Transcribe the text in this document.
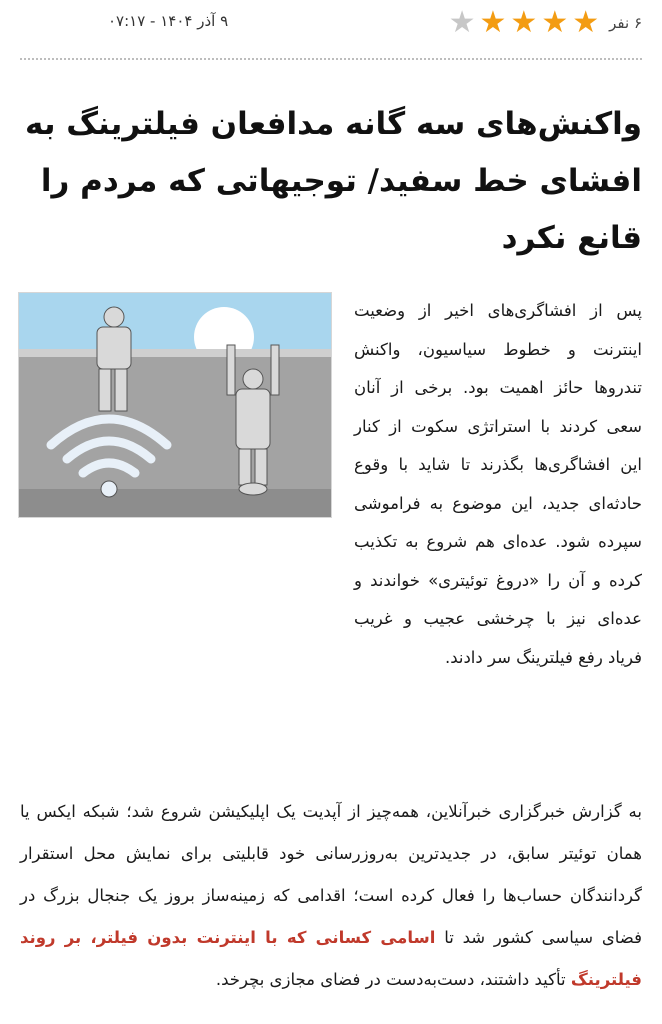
۶ نفر
★
★
★
★
★
۹ آذر ۱۴۰۴ - ۰۷:۱۷
واکنش‌های سه گانه مدافعان فیلترینگ به افشای خط سفید/ توجیهاتی که مردم را قانع نکرد

پس از افشاگری‌های اخیر از وضعیت اینترنت و خطوط سیاسیون، واکنش تندروها حائز اهمیت بود. برخی از آنان سعی کردند با استراتژی سکوت از کنار این افشاگری‌ها بگذرند تا شاید با وقوع حادثه‌ای جدید، این موضوع به فراموشی سپرده شود. عده‌ای هم شروع به تکذیب کرده و آن را «دروغ توئیتری» خواندند و عده‌ای نیز با چرخشی عجیب و غریب فریاد رفع فیلترینگ سر دادند.

به گزارش خبرگزاری خبرآنلاین، همه‌چیز از آپدیت یک اپلیکیشن شروع شد؛ شبکه ایکس یا همان توئیتر سابق، در جدیدترین به‌روزرسانی خود قابلیتی برای نمایش محل استقرار گردانندگان حساب‌ها را فعال کرده است؛ اقدامی که زمینه‌ساز بروز یک جنجال بزرگ در فضای سیاسی کشور شد تا اسامی کسانی که با اینترنت بدون فیلتر، بر روند فیلترینگ تأکید داشتند، دست‌به‌دست در فضای مجازی بچرخد.
